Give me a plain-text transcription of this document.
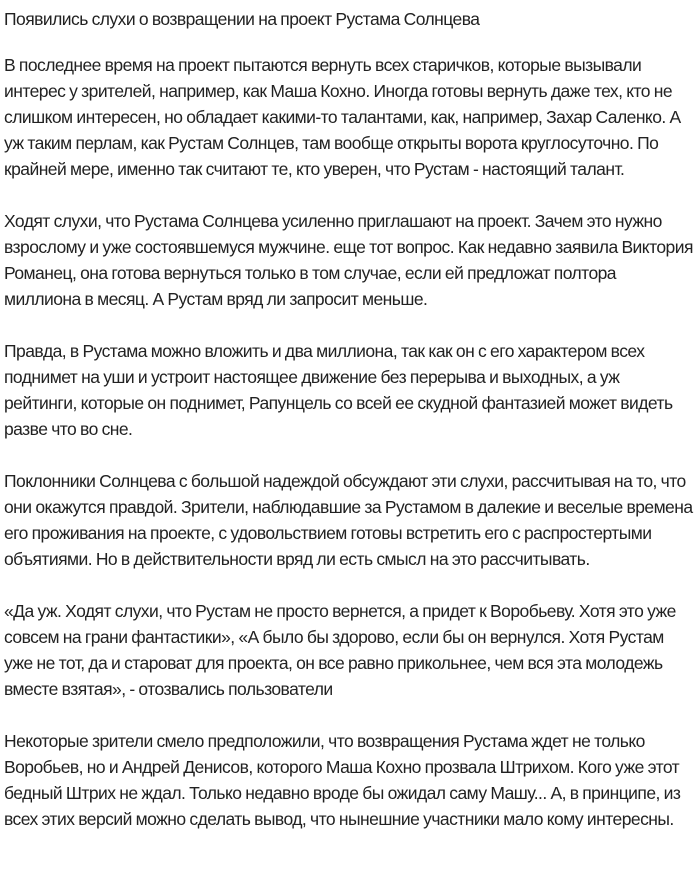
Появились слухи о возвращении на проект Рустама Солнцева

В последнее время на проект пытаются вернуть всех старичков, которые вызывали интерес у зрителей, например, как Маша Кохно. Иногда готовы вернуть даже тех, кто не слишком интересен, но обладает какими-то талантами, как, например, Захар Саленко. А уж таким перлам, как Рустам Солнцев, там вообще открыты ворота круглосуточно. По крайней мере, именно так считают те, кто уверен, что Рустам - настоящий талант.

Ходят слухи, что Рустама Солнцева усиленно приглашают на проект. Зачем это нужно взрослому и уже состоявшемуся мужчине. еще тот вопрос. Как недавно заявила Виктория Романец, она готова вернуться только в том случае, если ей предложат полтора миллиона в месяц. А Рустам вряд ли запросит меньше.

Правда, в Рустама можно вложить и два миллиона, так как он с его характером всех поднимет на уши и устроит настоящее движение без перерыва и выходных, а уж рейтинги, которые он поднимет, Рапунцель со всей ее скудной фантазией может видеть разве что во сне.

Поклонники Солнцева с большой надеждой обсуждают эти слухи, рассчитывая на то, что они окажутся правдой. Зрители, наблюдавшие за Рустамом в далекие и веселые времена его проживания на проекте, с удовольствием готовы встретить его с распростертыми объятиями. Но в действительности вряд ли есть смысл на это рассчитывать.

«Да уж. Ходят слухи, что Рустам не просто вернется, а придет к Воробьеву. Хотя это уже совсем на грани фантастики», «А было бы здорово, если бы он вернулся. Хотя Рустам уже не тот, да и староват для проекта, он все равно прикольнее, чем вся эта молодежь вместе взятая», - отозвались пользователи

Некоторые зрители смело предположили, что возвращения Рустама ждет не только Воробьев, но и Андрей Денисов, которого Маша Кохно прозвала Штрихом. Кого уже этот бедный Штрих не ждал. Только недавно вроде бы ожидал саму Машу... А, в принципе, из всех этих версий можно сделать вывод, что нынешние участники мало кому интересны.
